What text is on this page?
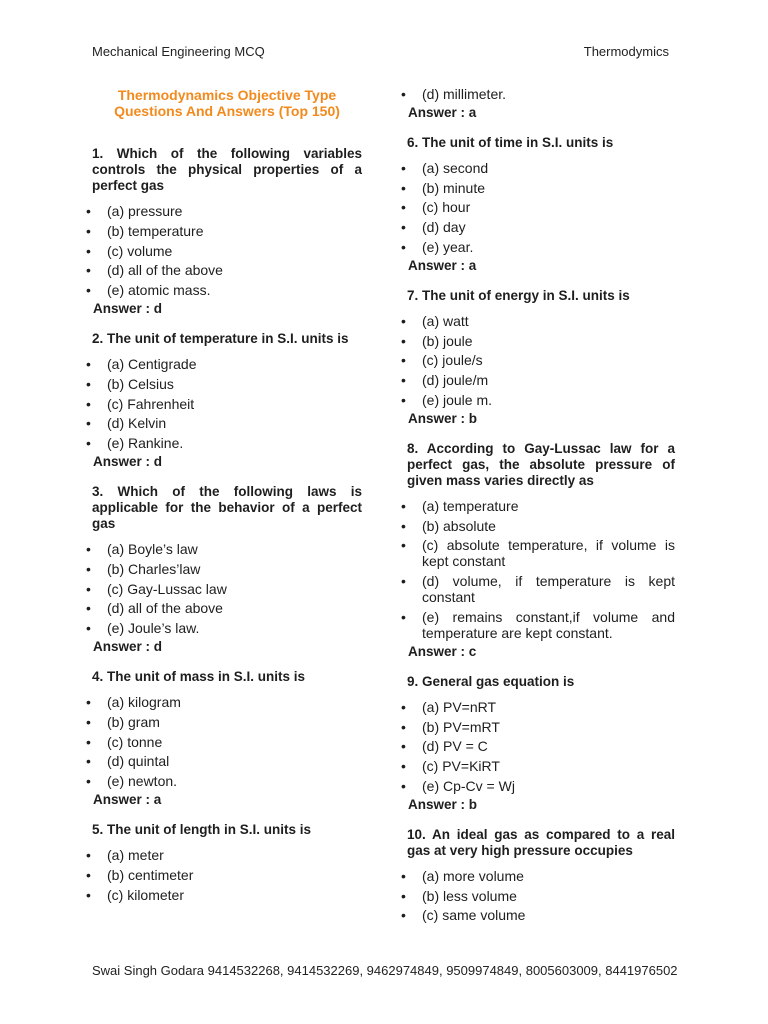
Mechanical Engineering MCQ	Thermodymics
Thermodynamics Objective Type
Questions And Answers (Top 150)
1. Which of the following variables controls the physical properties of a perfect gas
• (a) pressure
• (b) temperature
• (c) volume
• (d) all of the above
• (e) atomic mass.
Answer : d
2. The unit of temperature in S.I. units is
• (a) Centigrade
• (b) Celsius
• (c) Fahrenheit
• (d) Kelvin
• (e) Rankine.
Answer : d
3. Which of the following laws is applicable for the behavior of a perfect gas
• (a) Boyle’s law
• (b) Charles’law
• (c) Gay-Lussac law
• (d) all of the above
• (e) Joule’s law.
Answer : d
4. The unit of mass in S.I. units is
• (a) kilogram
• (b) gram
• (c) tonne
• (d) quintal
• (e) newton.
Answer : a
5. The unit of length in S.I. units is
• (a) meter
• (b) centimeter
• (c) kilometer
• (d) millimeter.
Answer : a
6. The unit of time in S.I. units is
• (a) second
• (b) minute
• (c) hour
• (d) day
• (e) year.
Answer : a
7. The unit of energy in S.I. units is
• (a) watt
• (b) joule
• (c) joule/s
• (d) joule/m
• (e) joule m.
Answer : b
8. According to Gay-Lussac law for a perfect gas, the absolute pressure of given mass varies directly as
• (a) temperature
• (b) absolute
• (c) absolute temperature, if volume is kept constant
• (d) volume, if temperature is kept constant
• (e) remains constant,if volume and temperature are kept constant.
Answer : c
9. General gas equation is
• (a) PV=nRT
• (b) PV=mRT
• (d) PV = C
• (c) PV=KiRT
• (e) Cp-Cv = Wj
Answer : b
10. An ideal gas as compared to a real gas at very high pressure occupies
• (a) more volume
• (b) less volume
• (c) same volume
Swai Singh Godara 9414532268, 9414532269, 9462974849, 9509974849, 8005603009, 8441976502
